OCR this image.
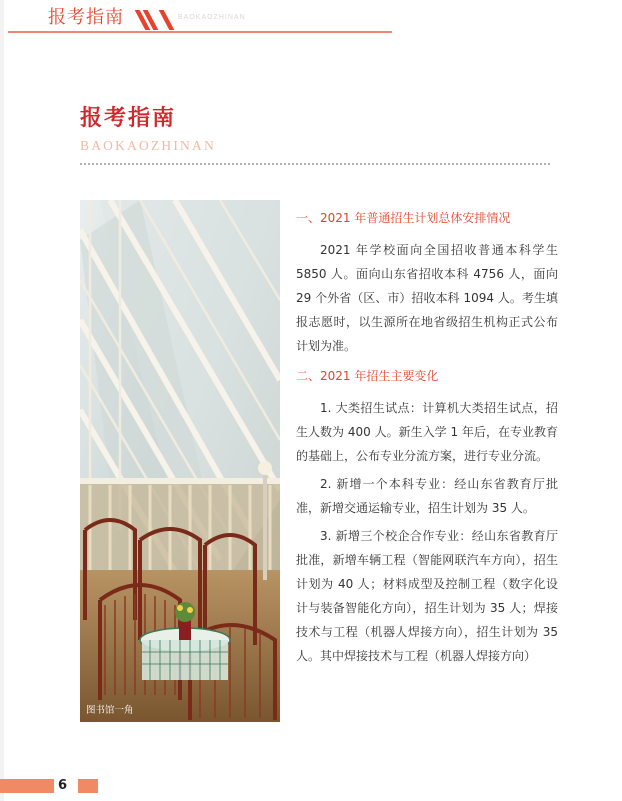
报考指南	BAOKAOZHINAN
报考指南
BAOKAOZHINAN
图书馆一角
一、2021 年普通招生计划总体安排情况
2021 年学校面向全国招收普通本科学生 5850 人。面向山东省招收本科 4756 人，面向 29 个外省（区、市）招收本科 1094 人。考生填报志愿时，以生源所在地省级招生机构正式公布计划为准。
二、2021 年招生主要变化
1. 大类招生试点：计算机大类招生试点，招生人数为 400 人。新生入学 1 年后，在专业教育的基础上，公布专业分流方案，进行专业分流。
2. 新增一个本科专业：经山东省教育厅批准，新增交通运输专业，招生计划为 35 人。
3. 新增三个校企合作专业：经山东省教育厅批准，新增车辆工程（智能网联汽车方向），招生计划为 40 人；材料成型及控制工程（数字化设计与装备智能化方向），招生计划为 35 人；焊接技术与工程（机器人焊接方向），招生计划为 35 人。其中焊接技术与工程（机器人焊接方向）
6
